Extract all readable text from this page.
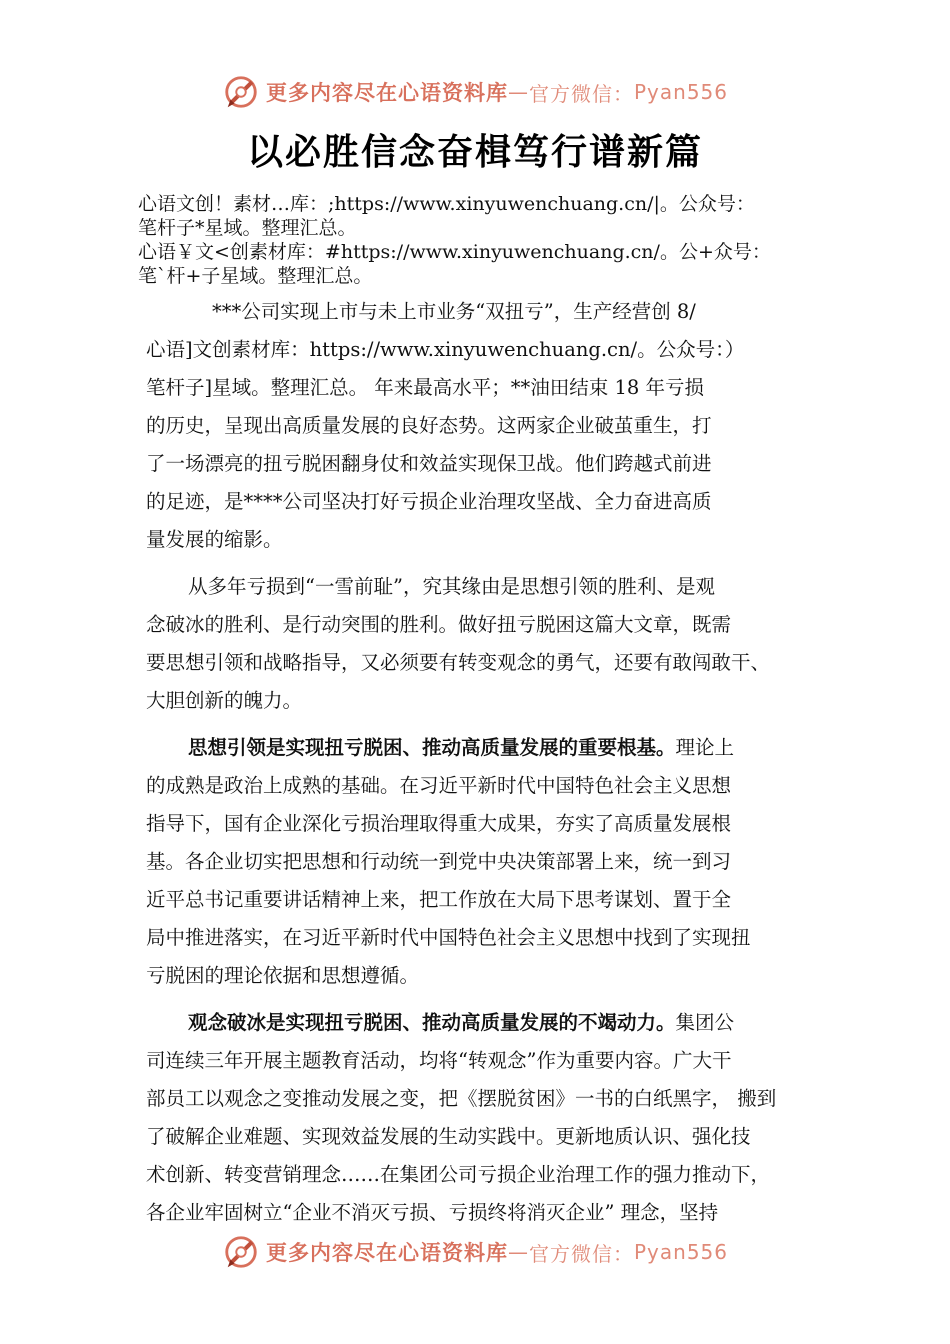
更多内容尽在心语资料库 — 官方微信： Pyan556
以必胜信念奋楫笃行谱新篇
心语文创！素材…库：;https://www.xinyuwenchuang.cn/|。公众号：
笔杆子*星域。整理汇总。
心语￥文<创素材库：#https://www.xinyuwenchuang.cn/。公+众号：
笔`杆+子星域。整理汇总。
***公司实现上市与未上市业务“双扭亏”，生产经营创 8/
心语]文创素材库：https://www.xinyuwenchuang.cn/。公众号：）
笔杆子]星域。整理汇总。 年来最高水平；**油田结束 18 年亏损
的历史，呈现出高质量发展的良好态势。这两家企业破茧重生，打
了一场漂亮的扭亏脱困翻身仗和效益实现保卫战。他们跨越式前进
的足迹，是****公司坚决打好亏损企业治理攻坚战、全力奋进高质
量发展的缩影。
从多年亏损到“一雪前耻”，究其缘由是思想引领的胜利、是观
念破冰的胜利、是行动突围的胜利。做好扭亏脱困这篇大文章，既需
要思想引领和战略指导，又必须要有转变观念的勇气，还要有敢闯敢干、
大胆创新的魄力。
思想引领是实现扭亏脱困、推动高质量发展的重要根基。理论上
的成熟是政治上成熟的基础。在习近平新时代中国特色社会主义思想
指导下，国有企业深化亏损治理取得重大成果，夯实了高质量发展根
基。各企业切实把思想和行动统一到党中央决策部署上来，统一到习
近平总书记重要讲话精神上来，把工作放在大局下思考谋划、置于全
局中推进落实，在习近平新时代中国特色社会主义思想中找到了实现扭
亏脱困的理论依据和思想遵循。
观念破冰是实现扭亏脱困、推动高质量发展的不竭动力。集团公
司连续三年开展主题教育活动，均将“转观念”作为重要内容。广大干
部员工以观念之变推动发展之变，把《摆脱贫困》一书的白纸黑字， 搬到
了破解企业难题、实现效益发展的生动实践中。更新地质认识、强化技
术创新、转变营销理念……在集团公司亏损企业治理工作的强力推动下，
各企业牢固树立“企业不消灭亏损、亏损终将消灭企业” 理念，坚持
更多内容尽在心语资料库 — 官方微信： Pyan556
